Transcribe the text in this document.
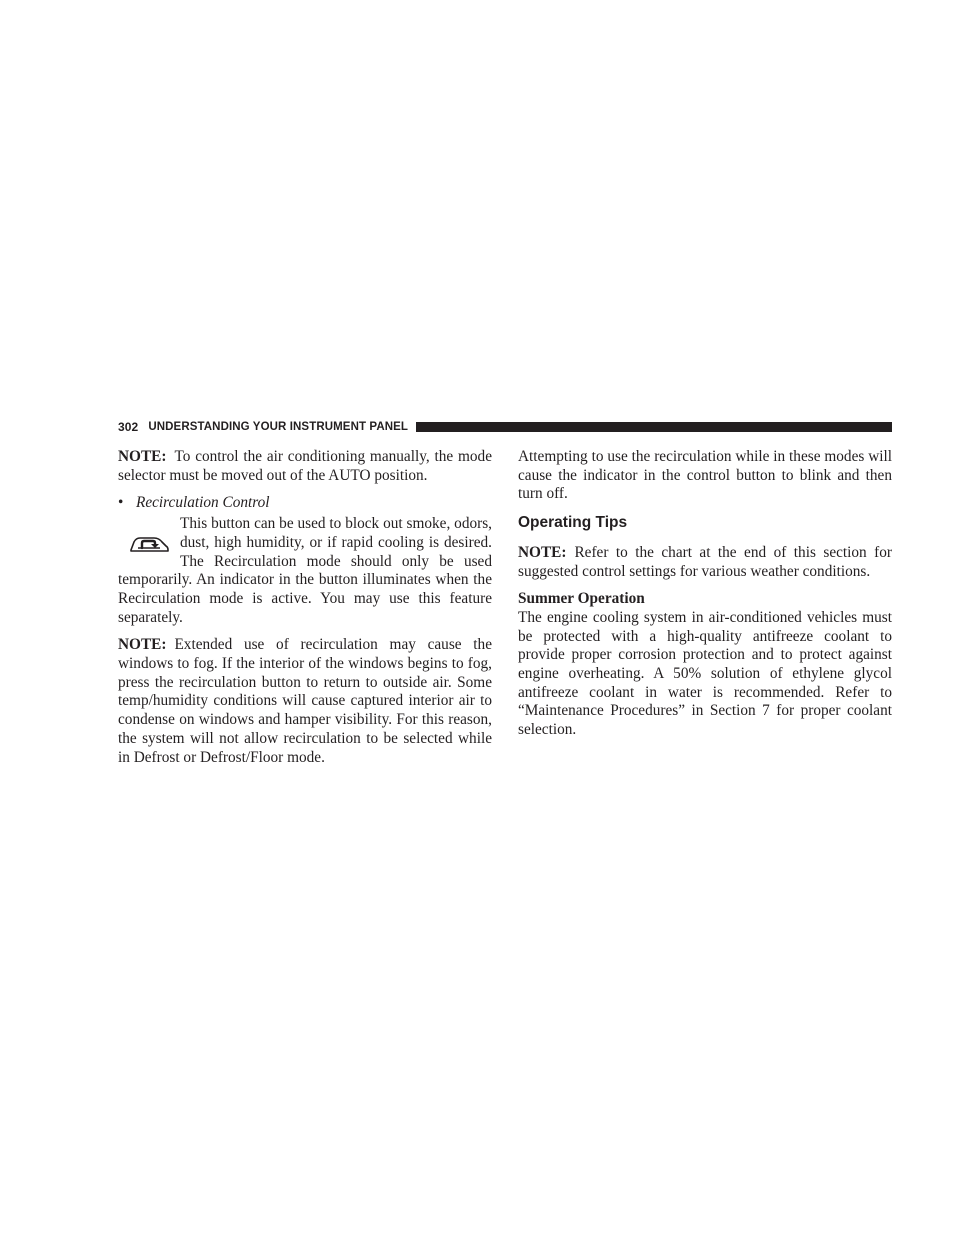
302 UNDERSTANDING YOUR INSTRUMENT PANEL

NOTE: To control the air conditioning manually, the mode selector must be moved out of the AUTO position.

• Recirculation Control

This button can be used to block out smoke, odors, dust, high humidity, or if rapid cooling is desired. The Recirculation mode should only be used temporarily. An indicator in the button illuminates when the Recirculation mode is active. You may use this feature separately.

NOTE: Extended use of recirculation may cause the windows to fog. If the interior of the windows begins to fog, press the recirculation button to return to outside air. Some temp/humidity conditions will cause captured interior air to condense on windows and hamper visibility. For this reason, the system will not allow recirculation to be selected while in Defrost or Defrost/Floor mode.

Attempting to use the recirculation while in these modes will cause the indicator in the control button to blink and then turn off.

Operating Tips

NOTE: Refer to the chart at the end of this section for suggested control settings for various weather conditions.

Summer Operation

The engine cooling system in air-conditioned vehicles must be protected with a high-quality antifreeze coolant to provide proper corrosion protection and to protect against engine overheating. A 50% solution of ethylene glycol antifreeze coolant in water is recommended. Refer to “Maintenance Procedures” in Section 7 for proper coolant selection.
